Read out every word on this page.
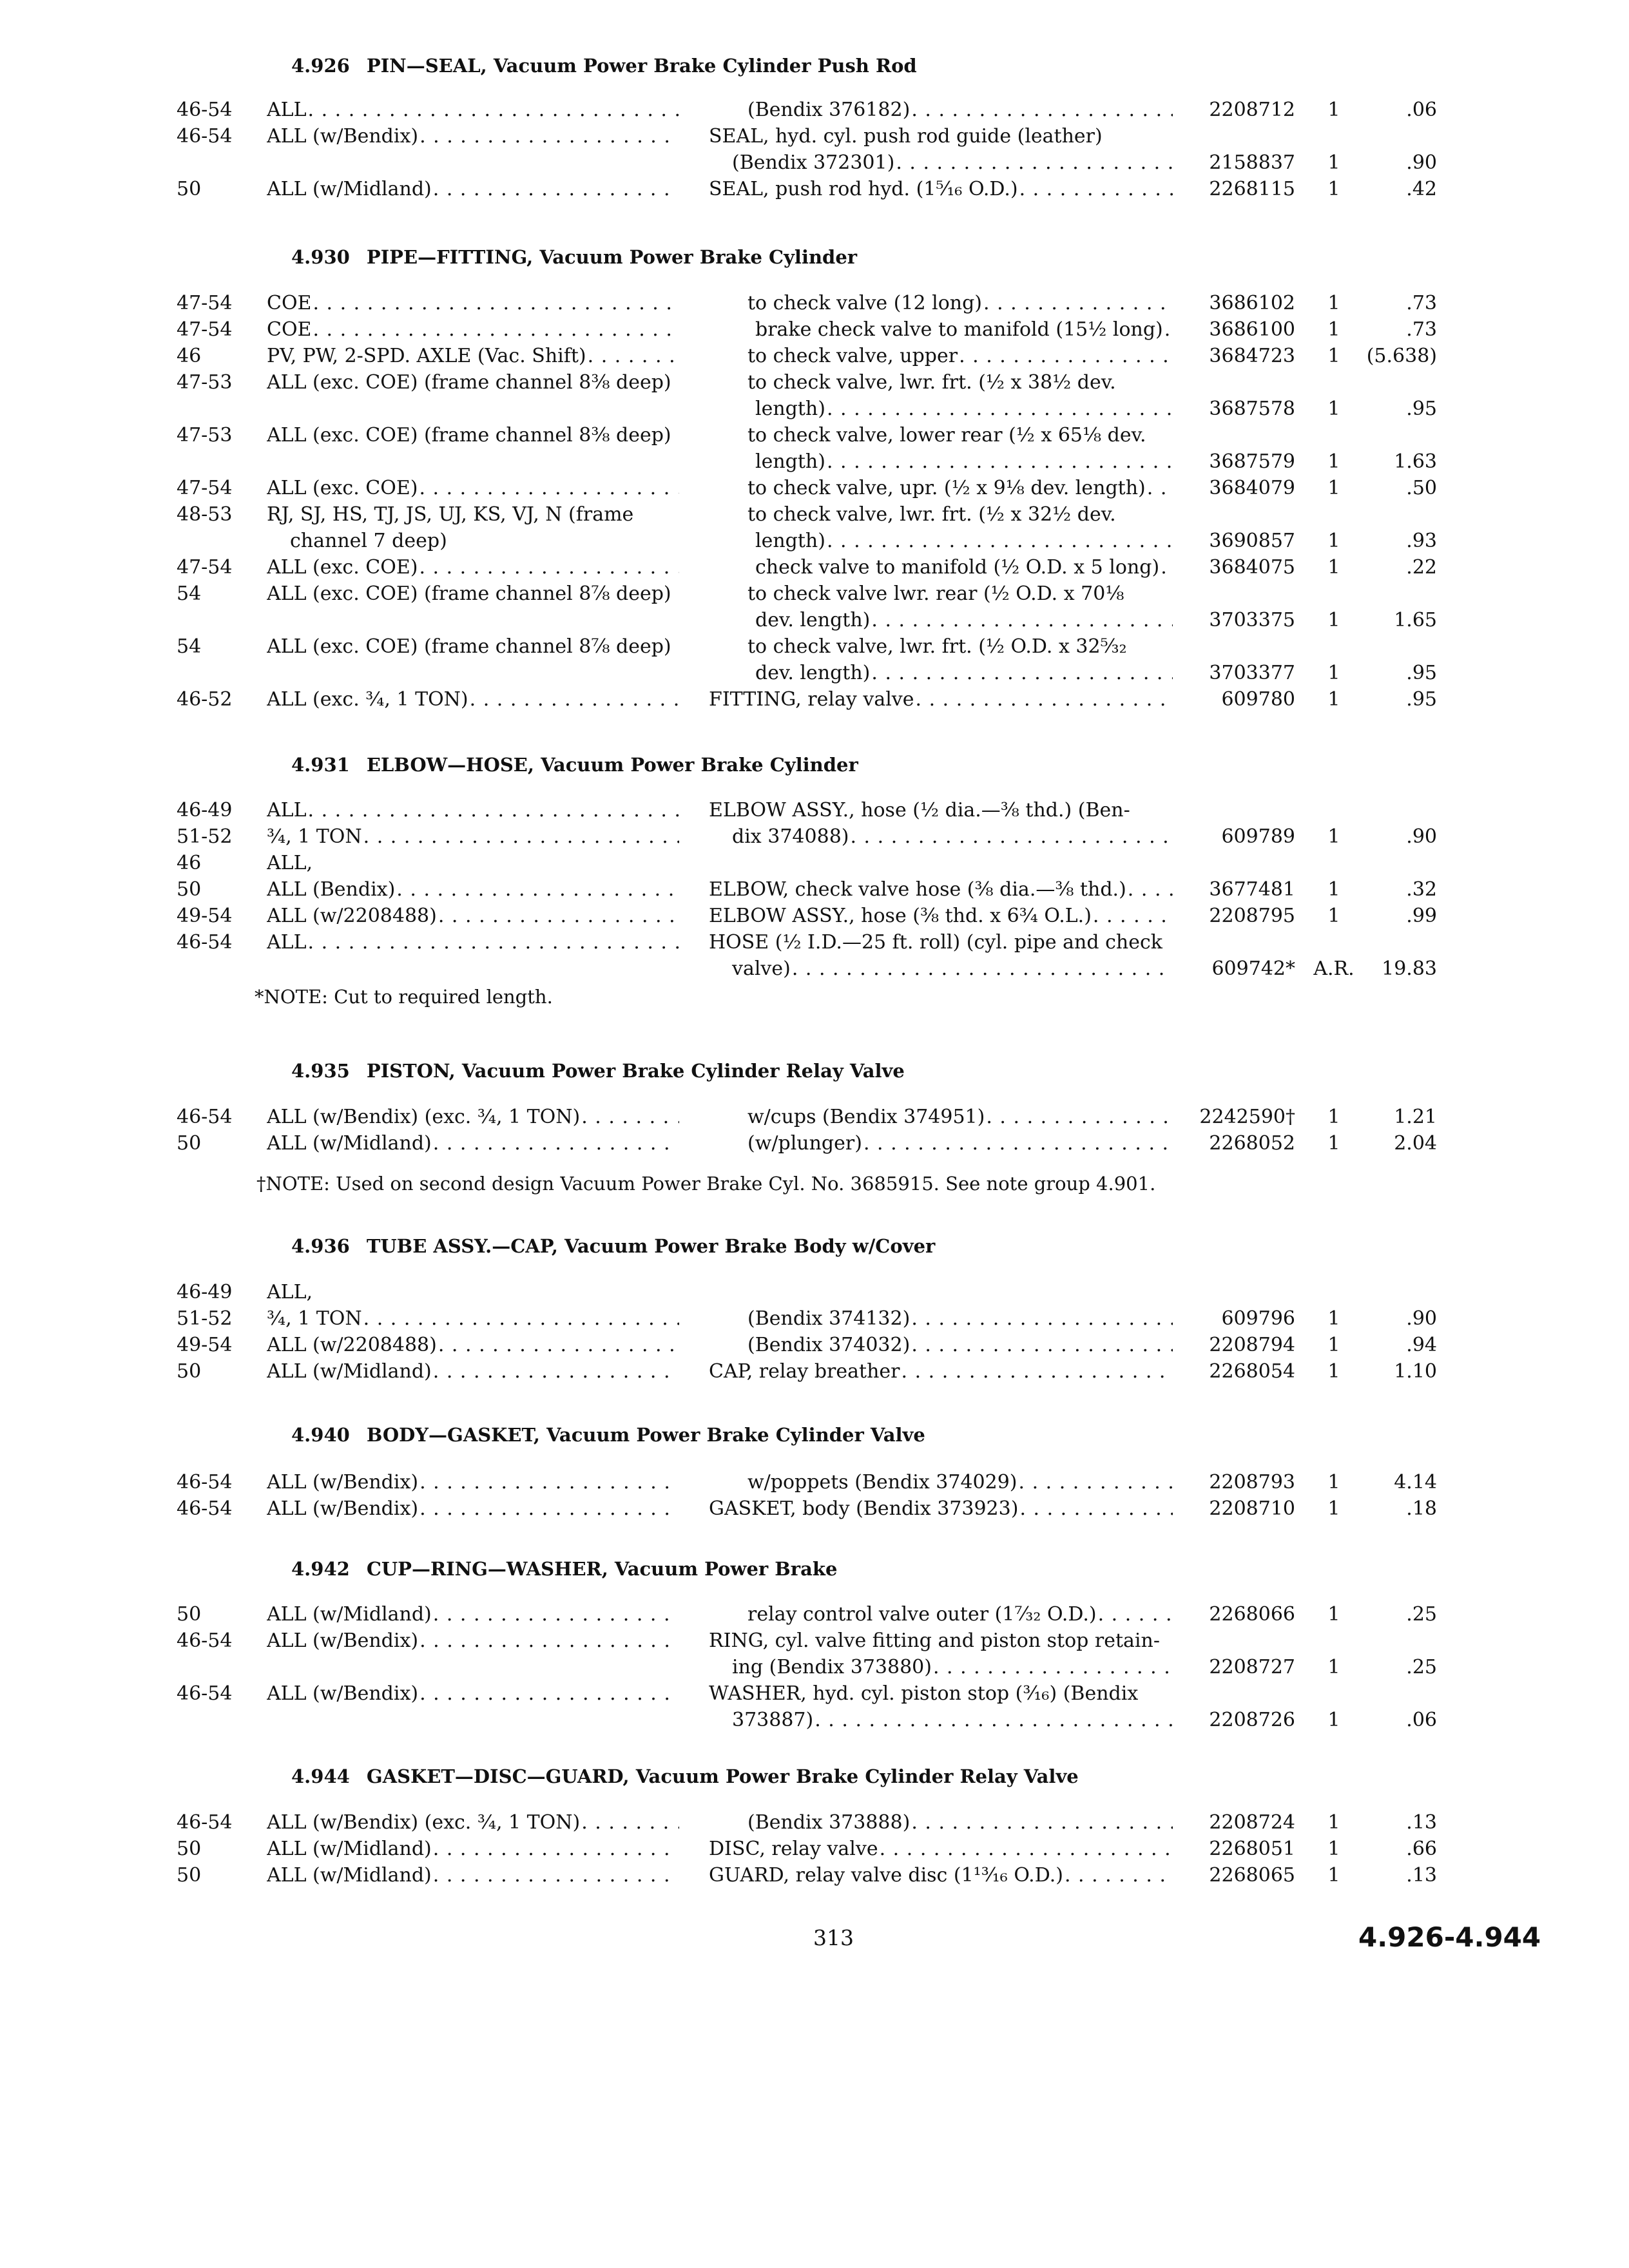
4.926 PIN—SEAL, Vacuum Power Brake Cylinder Push Rod
46-54	ALL . . .	(Bendix 376182) . . .	2208712	1	.06
46-54	ALL (w/Bendix) . . .	SEAL, hyd. cyl. push rod guide (leather)
(Bendix 372301) . . .	2158837	1	.90
50	ALL (w/Midland) . . .	SEAL, push rod hyd. (1⁵⁄₁₆ O.D.) . . .	2268115	1	.42
4.930 PIPE—FITTING, Vacuum Power Brake Cylinder
47-54	COE . . .	to check valve (12 long) . . .	3686102	1	.73
47-54	COE . . .	brake check valve to manifold (15½ long) . . .	3686100	1	.73
46	PV, PW, 2-SPD. AXLE (Vac. Shift) . . .	to check valve, upper . . .	3684723	1	(5.638)
47-53	ALL (exc. COE) (frame channel 8⅜ deep)	to check valve, lwr. frt. (½ x 38½ dev.
length) . . .	3687578	1	.95
47-53	ALL (exc. COE) (frame channel 8⅜ deep)	to check valve, lower rear (½ x 65⅛ dev.
length) . . .	3687579	1	1.63
47-54	ALL (exc. COE) . . .	to check valve, upr. (½ x 9⅛ dev. length) . . .	3684079	1	.50
48-53	RJ, SJ, HS, TJ, JS, UJ, KS, VJ, N (frame	to check valve, lwr. frt. (½ x 32½ dev.
channel 7 deep)	length) . . .	3690857	1	.93
47-54	ALL (exc. COE) . . .	check valve to manifold (½ O.D. x 5 long) . . .	3684075	1	.22
54	ALL (exc. COE) (frame channel 8⅞ deep)	to check valve lwr. rear (½ O.D. x 70⅛
dev. length) . . .	3703375	1	1.65
54	ALL (exc. COE) (frame channel 8⅞ deep)	to check valve, lwr. frt. (½ O.D. x 32⁵⁄₃₂
dev. length) . . .	3703377	1	.95
46-52	ALL (exc. ¾, 1 TON) . . .	FITTING, relay valve . . .	609780	1	.95
4.931 ELBOW—HOSE, Vacuum Power Brake Cylinder
46-49	ALL . . .	ELBOW ASSY., hose (½ dia.—⅜ thd.) (Ben-
51-52	¾, 1 TON . . .	dix 374088) . . .	609789	1	.90
46	ALL,
50	ALL (Bendix) . . .	ELBOW, check valve hose (⅜ dia.—⅜ thd.) . . .	3677481	1	.32
49-54	ALL (w/2208488) . . .	ELBOW ASSY., hose (⅜ thd. x 6¾ O.L.) . . .	2208795	1	.99
46-54	ALL . . .	HOSE (½ I.D.—25 ft. roll) (cyl. pipe and check
valve) . . .	609742* A.R.	19.83
*NOTE: Cut to required length.
4.935 PISTON, Vacuum Power Brake Cylinder Relay Valve
46-54	ALL (w/Bendix) (exc. ¾, 1 TON) . . .	w/cups (Bendix 374951) . . .	2242590†	1	1.21
50	ALL (w/Midland) . . .	(w/plunger) . . .	2268052	1	2.04
†NOTE: Used on second design Vacuum Power Brake Cyl. No. 3685915. See note group 4.901.
4.936 TUBE ASSY.—CAP, Vacuum Power Brake Body w/Cover
46-49	ALL,
51-52	¾, 1 TON . . .	(Bendix 374132) . . .	609796	1	.90
49-54	ALL (w/2208488) . . .	(Bendix 374032) . . .	2208794	1	.94
50	ALL (w/Midland) . . .	CAP, relay breather . . .	2268054	1	1.10
4.940 BODY—GASKET, Vacuum Power Brake Cylinder Valve
46-54	ALL (w/Bendix) . . .	w/poppets (Bendix 374029) . . .	2208793	1	4.14
46-54	ALL (w/Bendix) . . .	GASKET, body (Bendix 373923) . . .	2208710	1	.18
4.942 CUP—RING—WASHER, Vacuum Power Brake
50	ALL (w/Midland) . . .	relay control valve outer (1⁷⁄₃₂ O.D.) . . .	2268066	1	.25
46-54	ALL (w/Bendix) . . .	RING, cyl. valve fitting and piston stop retain-
ing (Bendix 373880) . . .	2208727	1	.25
46-54	ALL (w/Bendix) . . .	WASHER, hyd. cyl. piston stop (³⁄₁₆) (Bendix
373887) . . .	2208726	1	.06
4.944 GASKET—DISC—GUARD, Vacuum Power Brake Cylinder Relay Valve
46-54	ALL (w/Bendix) (exc. ¾, 1 TON) . . .	(Bendix 373888) . . .	2208724	1	.13
50	ALL (w/Midland) . . .	DISC, relay valve . . .	2268051	1	.66
50	ALL (w/Midland) . . .	GUARD, relay valve disc (1¹³⁄₁₆ O.D.) . . .	2268065	1	.13
313	4.926-4.944
